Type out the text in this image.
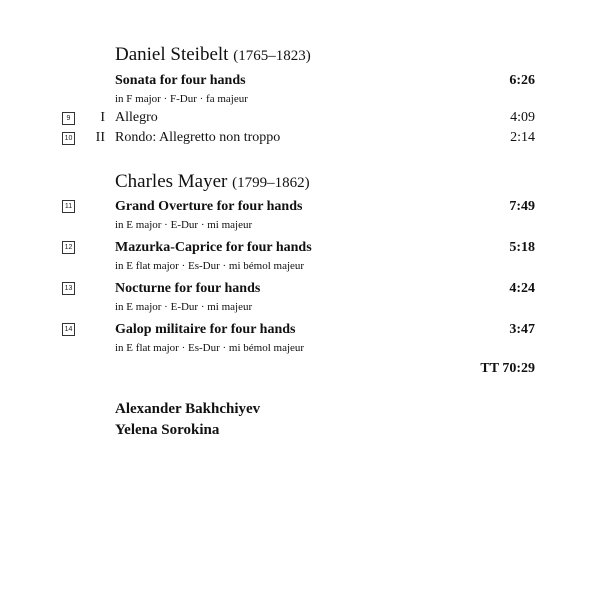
Daniel Steibelt (1765–1823)
Sonata for four hands	6:26
in F major · F-Dur · fa majeur
9	I Allegro	4:09
10	II Rondo: Allegretto non troppo	2:14
Charles Mayer (1799–1862)
11	Grand Overture for four hands	7:49
in E major · E-Dur · mi majeur
12	Mazurka-Caprice for four hands	5:18
in E flat major · Es-Dur · mi bémol majeur
13	Nocturne for four hands	4:24
in E major · E-Dur · mi majeur
14	Galop militaire for four hands	3:47
in E flat major · Es-Dur · mi bémol majeur
TT 70:29
Alexander Bakhchiyev
Yelena Sorokina
